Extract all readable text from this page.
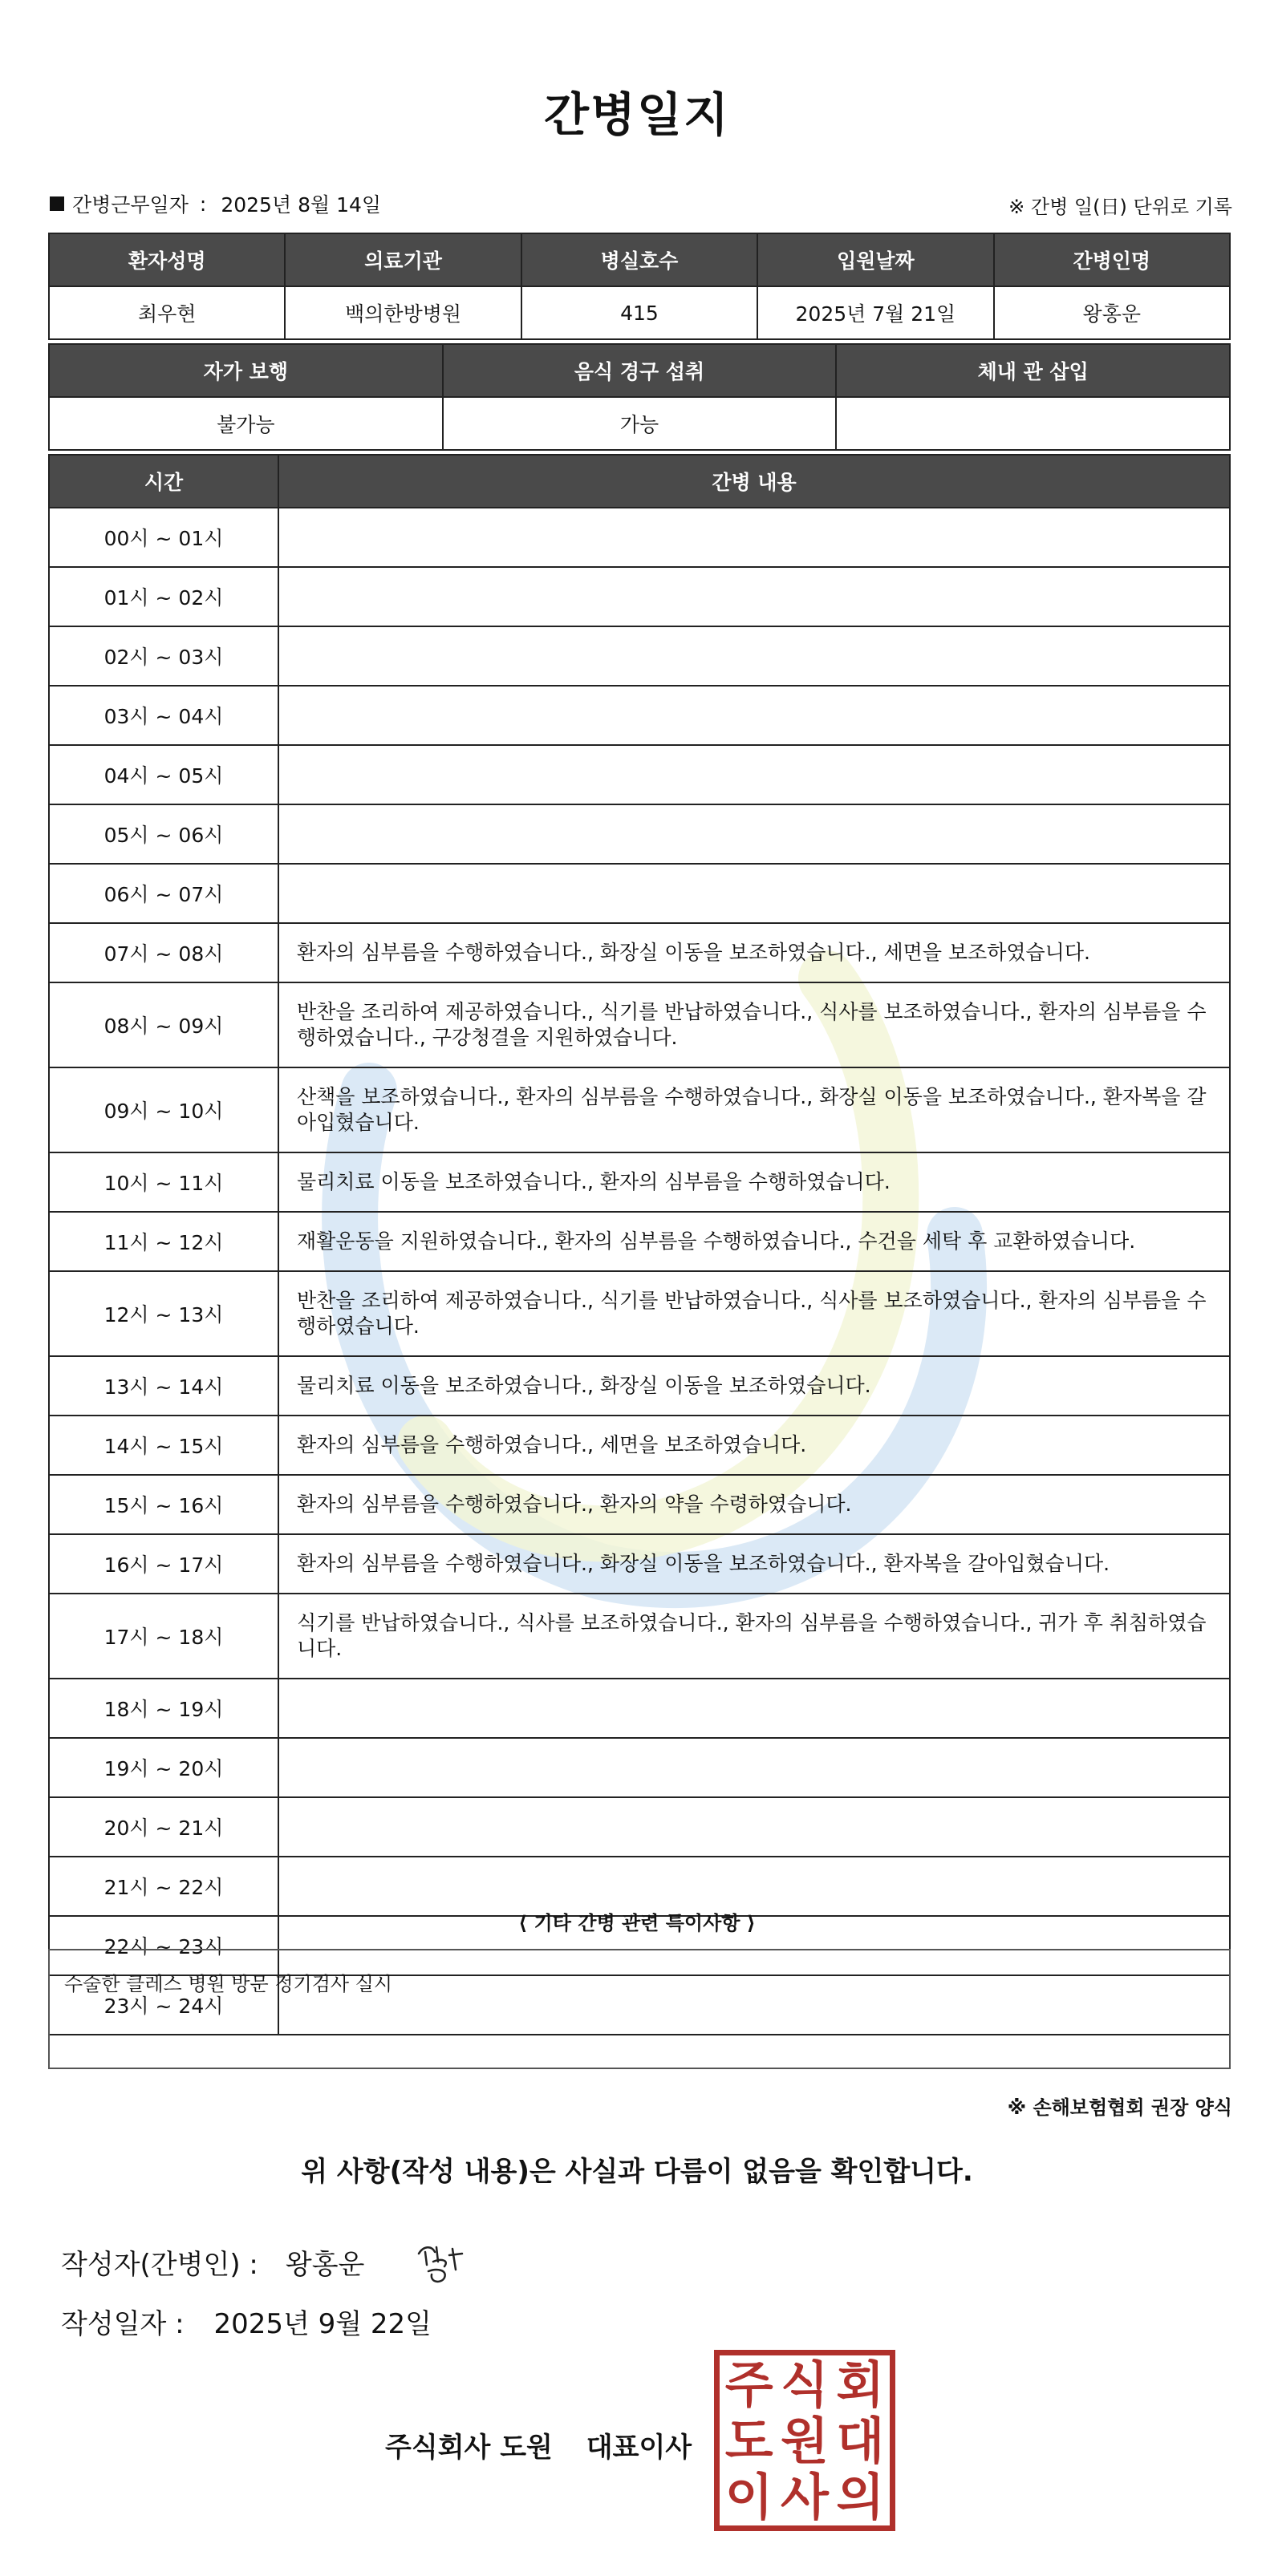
간병일지
간병근무일자 : 2025년 8월 14일	※ 간병 일(日) 단위로 기록
환자성명	의료기관	병실호수	입원날짜	간병인명
최우현	백의한방병원	415	2025년 7월 21일	왕홍운
자가 보행	음식 경구 섭취	체내 관 삽입
불가능	가능	
시간	간병 내용
00시 ~ 01시	
01시 ~ 02시	
02시 ~ 03시	
03시 ~ 04시	
04시 ~ 05시	
05시 ~ 06시	
06시 ~ 07시	
07시 ~ 08시	환자의 심부름을 수행하였습니다., 화장실 이동을 보조하였습니다., 세면을 보조하였습니다.
08시 ~ 09시	반찬을 조리하여 제공하였습니다., 식기를 반납하였습니다., 식사를 보조하였습니다., 환자의 심부름을 수행하였습니다., 구강청결을 지원하였습니다.
09시 ~ 10시	산책을 보조하였습니다., 환자의 심부름을 수행하였습니다., 화장실 이동을 보조하였습니다., 환자복을 갈아입혔습니다.
10시 ~ 11시	물리치료 이동을 보조하였습니다., 환자의 심부름을 수행하였습니다.
11시 ~ 12시	재활운동을 지원하였습니다., 환자의 심부름을 수행하였습니다., 수건을 세탁 후 교환하였습니다.
12시 ~ 13시	반찬을 조리하여 제공하였습니다., 식기를 반납하였습니다., 식사를 보조하였습니다., 환자의 심부름을 수행하였습니다.
13시 ~ 14시	물리치료 이동을 보조하였습니다., 화장실 이동을 보조하였습니다.
14시 ~ 15시	환자의 심부름을 수행하였습니다., 세면을 보조하였습니다.
15시 ~ 16시	환자의 심부름을 수행하였습니다., 환자의 약을 수령하였습니다.
16시 ~ 17시	환자의 심부름을 수행하였습니다., 화장실 이동을 보조하였습니다., 환자복을 갈아입혔습니다.
17시 ~ 18시	식기를 반납하였습니다., 식사를 보조하였습니다., 환자의 심부름을 수행하였습니다., 귀가 후 취침하였습니다.
18시 ~ 19시	
19시 ~ 20시	
20시 ~ 21시	
21시 ~ 22시	
22시 ~ 23시	
23시 ~ 24시	
⟨ 기타 간병 관련 특이사항 ⟩
수술한 클레스 병원 방문 정기검사 실시
※ 손해보험협회 권장 양식
위 사항(작성 내용)은 사실과 다름이 없음을 확인합니다.
작성자(간병인) : 왕홍운
작성일자 : 2025년 9월 22일
주식회사 도원 대표이사
주 식 회
도 원 대
이 사 의
